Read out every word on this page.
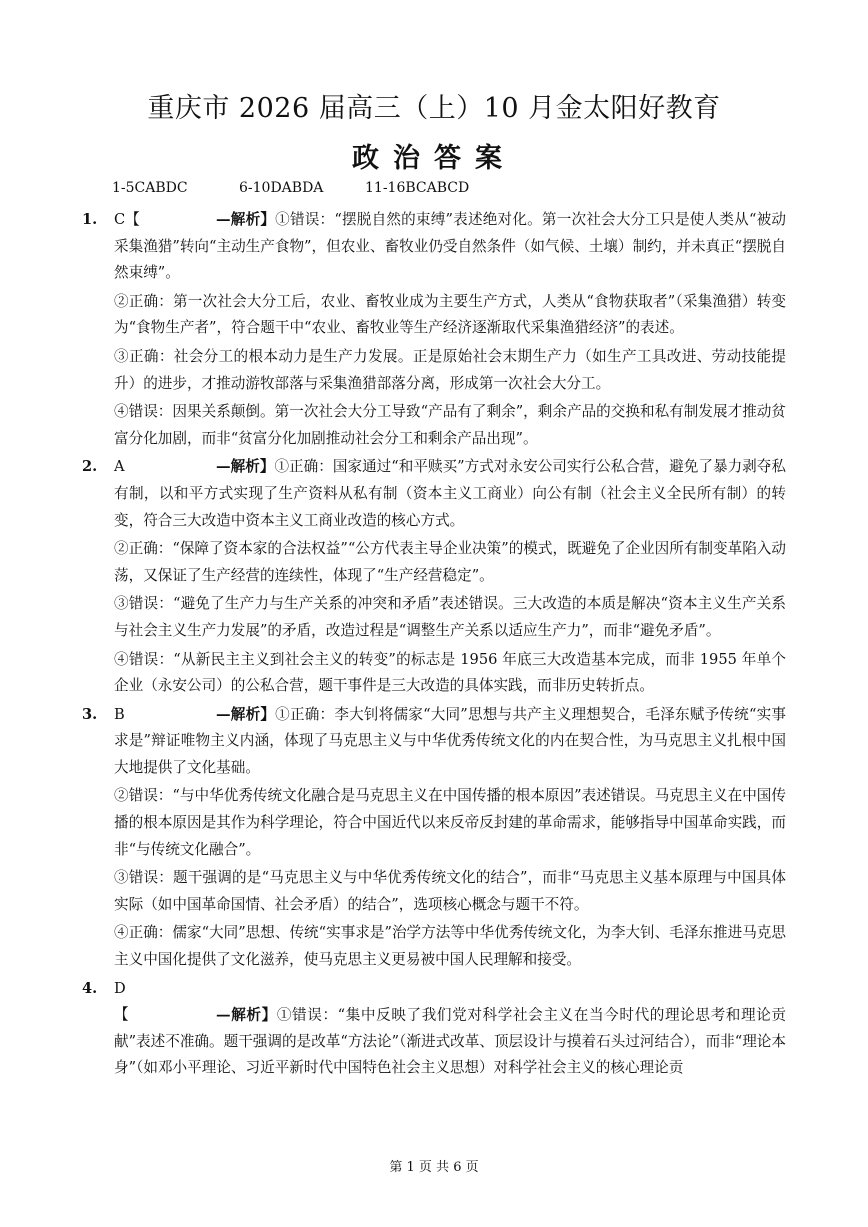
重庆市 2026 届高三（上）10 月金太阳好教育
政治答案
1-5CABDC	6-10DABDA	11-16BCABCD
1.	C【	—解析】①错误：“摆脱自然的束缚”表述绝对化。第一次社会大分工只是使人类从“被动采集渔猎”转向“主动生产食物”，但农业、畜牧业仍受自然条件（如气候、土壤）制约，并未真正“摆脱自然束缚”。
②正确：第一次社会大分工后，农业、畜牧业成为主要生产方式，人类从“食物获取者”（采集渔猎）转变为“食物生产者”，符合题干中“农业、畜牧业等生产经济逐渐取代采集渔猎经济”的表述。
③正确：社会分工的根本动力是生产力发展。正是原始社会末期生产力（如生产工具改进、劳动技能提升）的进步，才推动游牧部落与采集渔猎部落分离，形成第一次社会大分工。
④错误：因果关系颠倒。第一次社会大分工导致“产品有了剩余”，剩余产品的交换和私有制发展才推动贫富分化加剧，而非“贫富分化加剧推动社会分工和剩余产品出现”。
2.	A	—解析】①正确：国家通过“和平赎买”方式对永安公司实行公私合营，避免了暴力剥夺私有制，以和平方式实现了生产资料从私有制（资本主义工商业）向公有制（社会主义全民所有制）的转变，符合三大改造中资本主义工商业改造的核心方式。
②正确：“保障了资本家的合法权益”“公方代表主导企业决策”的模式，既避免了企业因所有制变革陷入动荡，又保证了生产经营的连续性，体现了“生产经营稳定”。
③错误：“避免了生产力与生产关系的冲突和矛盾”表述错误。三大改造的本质是解决“资本主义生产关系与社会主义生产力发展”的矛盾，改造过程是“调整生产关系以适应生产力”，而非“避免矛盾”。
④错误：“从新民主主义到社会主义的转变”的标志是 1956 年底三大改造基本完成，而非 1955 年单个企业（永安公司）的公私合营，题干事件是三大改造的具体实践，而非历史转折点。
3.	B	—解析】①正确：李大钊将儒家“大同”思想与共产主义理想契合，毛泽东赋予传统“实事求是”辩证唯物主义内涵，体现了马克思主义与中华优秀传统文化的内在契合性，为马克思主义扎根中国大地提供了文化基础。
②错误：“与中华优秀传统文化融合是马克思主义在中国传播的根本原因”表述错误。马克思主义在中国传播的根本原因是其作为科学理论，符合中国近代以来反帝反封建的革命需求，能够指导中国革命实践，而非“与传统文化融合”。
③错误：题干强调的是“马克思主义与中华优秀传统文化的结合”，而非“马克思主义基本原理与中国具体实际（如中国革命国情、社会矛盾）的结合”，选项核心概念与题干不符。
④正确：儒家“大同”思想、传统“实事求是”治学方法等中华优秀传统文化，为李大钊、毛泽东推进马克思主义中国化提供了文化滋养，使马克思主义更易被中国人民理解和接受。
4.	D【	—解析】①错误：“集中反映了我们党对科学社会主义在当今时代的理论思考和理论贡献”表述不准确。题干强调的是改革“方法论”（渐进式改革、顶层设计与摸着石头过河结合），而非“理论本身”（如邓小平理论、习近平新时代中国特色社会主义思想）对科学社会主义的核心理论贡
第 1 页 共 6 页
